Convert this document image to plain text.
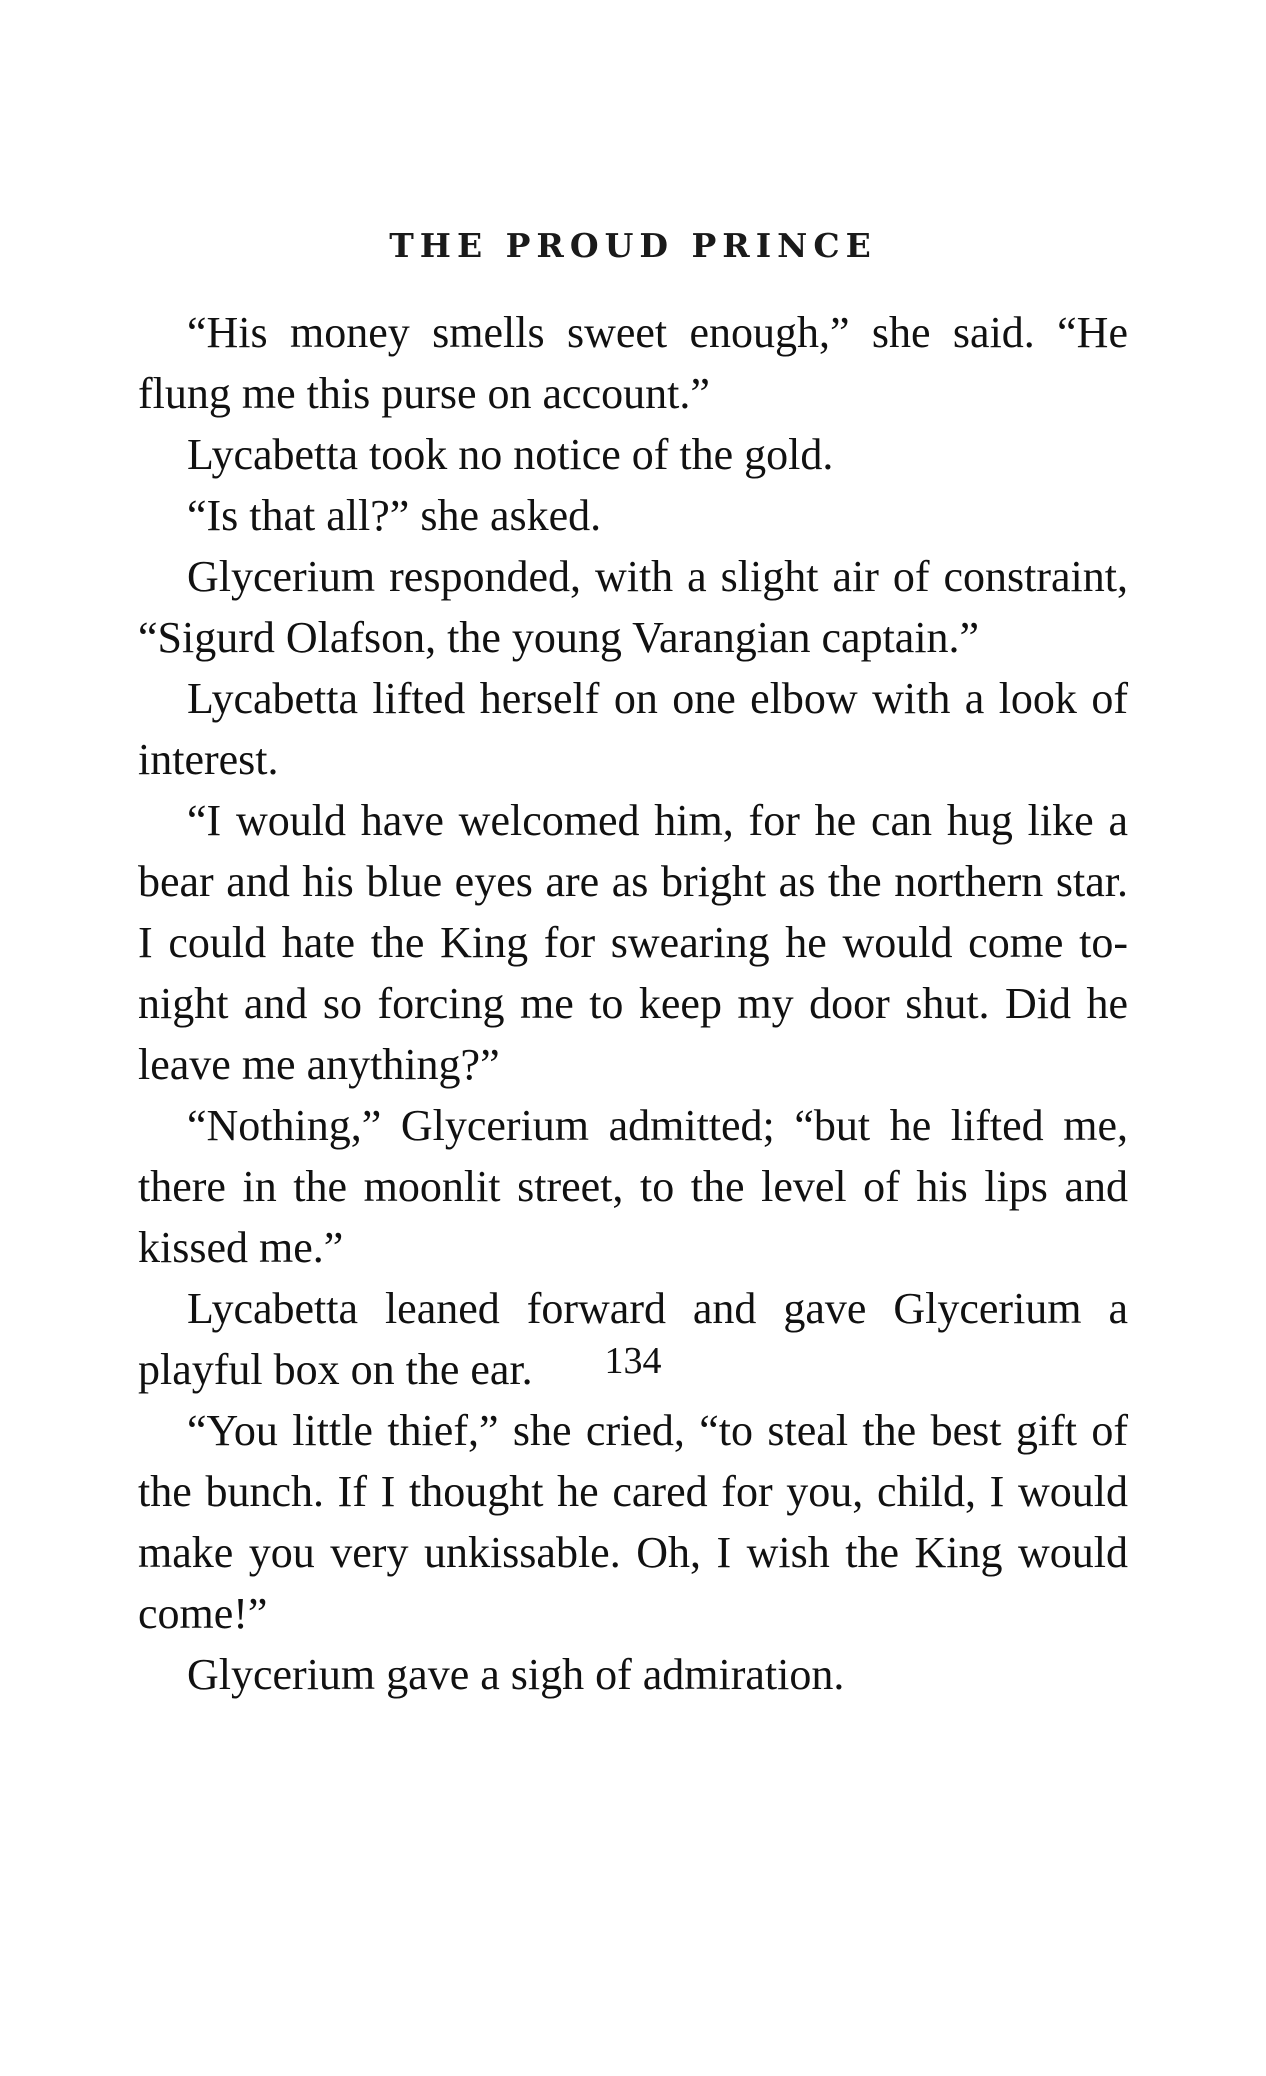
THE PROUD PRINCE

“His money smells sweet enough,” she said. “He flung me this purse on account.”

Lycabetta took no notice of the gold.

“Is that all?” she asked.

Glycerium responded, with a slight air of constraint, “Sigurd Olafson, the young Varangian captain.”

Lycabetta lifted herself on one elbow with a look of interest.

“I would have welcomed him, for he can hug like a bear and his blue eyes are as bright as the northern star. I could hate the King for swearing he would come to-night and so forcing me to keep my door shut. Did he leave me anything?”

“Nothing,” Glycerium admitted; “but he lifted me, there in the moonlit street, to the level of his lips and kissed me.”

Lycabetta leaned forward and gave Glycerium a playful box on the ear.

“You little thief,” she cried, “to steal the best gift of the bunch. If I thought he cared for you, child, I would make you very unkissable. Oh, I wish the King would come!”

Glycerium gave a sigh of admiration.

134
